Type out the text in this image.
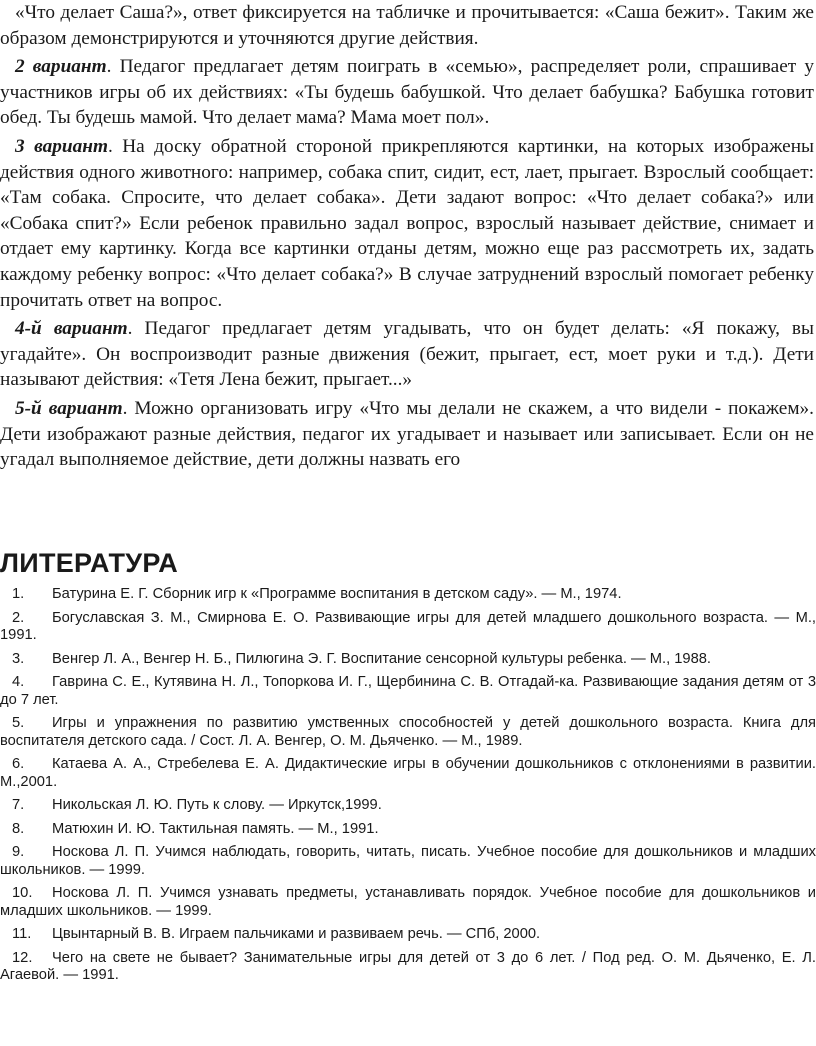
«Что делает Саша?», ответ фиксируется на табличке и прочитывается: «Саша бежит». Таким же образом демонстрируются и уточняются другие действия.

2 вариант. Педагог предлагает детям поиграть в «семью», распределяет роли, спрашивает у участников игры об их действиях: «Ты будешь бабушкой. Что делает бабушка? Бабушка готовит обед. Ты будешь мамой. Что делает мама? Мама моет пол».

3 вариант. На доску обратной стороной прикрепляются картинки, на которых изображены действия одного животного: например, собака спит, сидит, ест, лает, прыгает. Взрослый сообщает: «Там собака. Спросите, что делает собака». Дети задают вопрос: «Что делает собака?» или «Собака спит?» Если ребенок правильно задал вопрос, взрослый называет действие, снимает и отдает ему картинку. Когда все картинки отданы детям, можно еще раз рассмотреть их, задать каждому ребенку вопрос: «Что делает собака?» В случае затруднений взрослый помогает ребенку прочитать ответ на вопрос.

4-й вариант. Педагог предлагает детям угадывать, что он будет делать: «Я покажу, вы угадайте». Он воспроизводит разные движения (бежит, прыгает, ест, моет руки и т.д.). Дети называют действия: «Тетя Лена бежит, прыгает...»

5-й вариант. Можно организовать игру «Что мы делали не скажем, а что видели - покажем». Дети изображают разные действия, педагог их угадывает и называет или записывает. Если он не угадал выполняемое действие, дети должны назвать его

ЛИТЕРАТУРА
1. Батурина Е. Г. Сборник игр к «Программе воспитания в детском саду». — М., 1974.
2. Богуславская З. М., Смирнова Е. О. Развивающие игры для детей младшего дошкольного возраста. — М., 1991.
3. Венгер Л. А., Венгер Н. Б., Пилюгина Э. Г. Воспитание сенсорной культуры ребенка. — М., 1988.
4. Гаврина С. Е., Кутявина Н. Л., Топоркова И. Г., Щербинина С. В. Отгадай-ка. Развивающие задания детям от 3 до 7 лет.
5. Игры и упражнения по развитию умственных способностей у детей дошкольного возраста. Книга для воспитателя детского сада. / Сост. Л. А. Венгер, О. М. Дьяченко. — М., 1989.
6. Катаева А. А., Стребелева Е. А. Дидактические игры в обучении дошкольников с отклонениями в развитии. М.,2001.
7. Никольская Л. Ю. Путь к слову. — Иркутск,1999.
8. Матюхин И. Ю. Тактильная память. — М., 1991.
9. Носкова Л. П. Учимся наблюдать, говорить, читать, писать. Учебное пособие для дошкольников и младших школьников. — 1999.
10. Носкова Л. П. Учимся узнавать предметы, устанавливать порядок. Учебное пособие для дошкольников и младших школьников. — 1999.
11. Цвынтарный В. В. Играем пальчиками и развиваем речь. — СПб, 2000.
12. Чего на свете не бывает? Занимательные игры для детей от 3 до 6 лет. / Под ред. О. М. Дьяченко, Е. Л. Агаевой. — 1991.
